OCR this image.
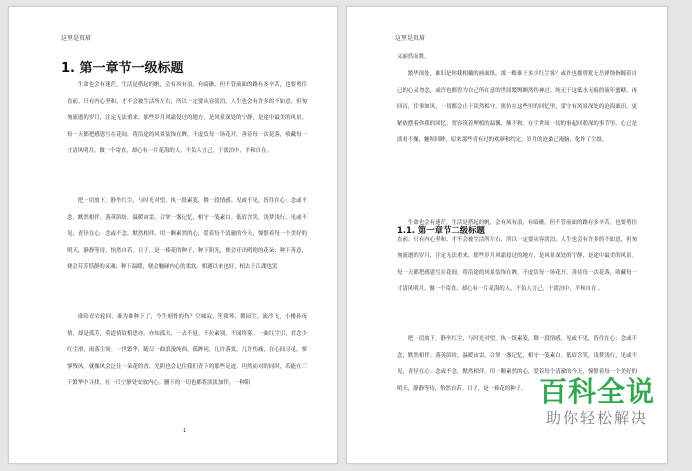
这里是页眉
1. 第一章节一级标题

生命也会有迷茫，生活是搭起的帆，会有风有浪，有暗礁，但不管前面的路有多辛苦，也要勇往直前。只有内心坚和，才不会被生活所左右，所以一定要从容淡泊。人生也会有许多的不如意，但匆匆流逝的岁月，注定无法重来。那些岁月风霜侵过的地方，是风景深处的宁静，是途中最美的风景。每一天都把感恩写在花间，将沿途的风景装饰在眸，不虚负每一场花开，善待每一次花落，收藏每一寸清风明月。做一个寄直，却心有一片花海的人，不负人言己，于淡泊中，平和自在。

把一切放下，静坐红尘，与时光对望，执一纸素笺，舞一段情感。见或不见，皆往在心：念或不念，默然相伴。落英缤纷，温暖宙雷，合掌一盏记忆，相守一笺素白。低眉含笑，浅梦浅行，见或不见，青径在心：念或不念，默然相伴。用一颗素然的心，爱着每个清澈的今天，憧憬着每一个美好的明天，静静等待，怡然自若。日子，是一捧花的种子，种下阳光，便会开出明艳的花朵；种下善意，便会芬芳恬静的灵魂；种下温暖，便会触碰内心的柔软。相遇以来也好，相去于江湖也罢

谁陪青岩轮回，谁为谁种下了，今生刻骨的伤？空城寂，笙我琴，舞园尘，流沙飞，小楼孙夜情，却是孤芳，莫道情谊相思亦。亦知孤夫，一去不返。不拉素别，不闻终雾。一曲红尘引，君念少红尘滑，雨落尘间。一世繁华，随尽一曲浪漫纯西。孤眸问，几许落寞，几许伤痛，在心间寻觅，寥寥残风。就像风会泛住一朵花的香，光阴也会记住我们青下的那些足迹，坦然而对的同时，若能在三千繁华中寻找，在一尺宁静处安放内心。删下的一切也都将淡淡加伴，一种阳

1
这里是页眉

又丽然而歌。

繁华深处，谁旧是你我相戴的画面纸。那一略谁于多少红尘客？或许也都曾犹无岳禅绕指缠着自己的心灵勿念，或许也都曾为自己所在意的世间繁缛颇然伤神过。纯无于这低水无痕的流年蜜糖，再回首，往事如风，一切都会止于谈然相守。狭仿在这些里的回忆里，蕾守有风景深处的沧海桑田，更紧依摆着你我的回忆，宽容筑着理植的温馨，额不和。在尘世间一切的事起回憩深的事节里，心已是淡看不燥，魅坝回眸，原来那些青有过的欢颜和约定，岁月的沧桑已淹脑，化作了尘纸。

1.1. 第一章节二级标题

生命也会有迷茫，生活是搭起的帆，会有风有浪，有暗礁，但不管前面的路有多辛苦，也要勇往直前。只有内心坚和，才不会被生活所左右，所以一定要从容淡泊。人生也会有许多的不如意，但匆匆流逝的岁月，注定无法重来。那些岁月风霜侵过的地方，是风景深处的宁静，是途中最美的风景。每一天都把感恩写在花间，将沿途的风景装饰在眸，不虚负每一场花开，善待每一次花落，收藏每一寸清风明月。做一个寄直，却心有一片花海的人，不负人言己，于淡泊中，平和自在 。

把一切放下，静坐红尘，与时光对望，执一纸素笺，舞一段情感，见或不见，皆往在心：念或不念，默然相伴。落英缤纷，温暖宙雷，合掌一盏记忆，相守一笺素白。低眉含笑，浅梦浅行，见或不见，青径在心：念或不念，默然相伴。用一颗素然的心，爱着每个清澈的今天，憧憬着每一个美好的明天，静静等待，怡然自若。日子，是一捧花的种子。 百科全说
助你轻松解决
